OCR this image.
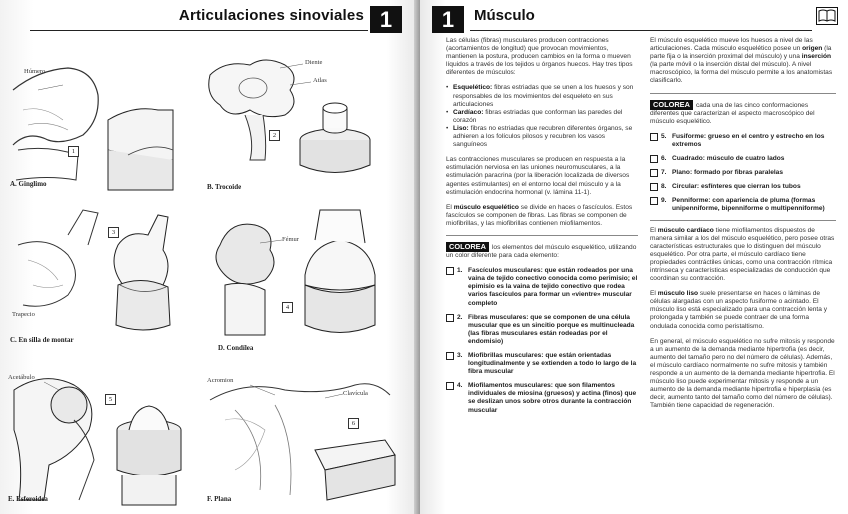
Articulaciones sinoviales 1
Húmero
1
A. Ginglimo
Diente
Atlas
2
B. Trocoide
Trapecio
3
C. En silla de montar
Fémur
4
D. Condílea
Acetábulo
5
E. Esferoidea
Acromion
Clavícula
6
F. Plana
1	Músculo

Las células (fibras) musculares producen contracciones (acortamientos de longitud) que provocan movimientos, mantienen la postura, producen cambios en la forma o mueven líquidos a través de los tejidos u órganos huecos. Hay tres tipos diferentes de músculos:

• Esquelético: fibras estriadas que se unen a los huesos y son responsables de los movimientos del esqueleto en sus articulaciones
• Cardíaco: fibras estriadas que conforman las paredes del corazón
• Liso: fibras no estriadas que recubren diferentes órganos, se adhieren a los folículos pilosos y recubren los vasos sanguíneos

Las contracciones musculares se producen en respuesta a la estimulación nerviosa en las uniones neuromusculares, a la estimulación paracrina (por la liberación localizada de diversos agentes estimulantes) en el entorno local del músculo y a la estimulación endocrina hormonal (v. lámina 11-1).

El músculo esquelético se divide en haces o fascículos. Estos fascículos se componen de fibras. Las fibras se componen de miofibrillas, y las miofibrillas contienen miofilamentos.

COLOREA los elementos del músculo esquelético, utilizando un color diferente para cada elemento:

1. Fascículos musculares: que están rodeados por una vaina de tejido conectivo conocida como perimisio; el epimisio es la vaina de tejido conectivo que rodea varios fascículos para formar un «vientre» muscular completo
2. Fibras musculares: que se componen de una célula muscular que es un sincitio porque es multinucleada (las fibras musculares están rodeadas por el endomisio)
3. Miofibrillas musculares: que están orientadas longitudinalmente y se extienden a todo lo largo de la fibra muscular
4. Miofilamentos musculares: que son filamentos individuales de miosina (gruesos) y actina (finos) que se deslizan unos sobre otros durante la contracción muscular

El músculo esquelético mueve los huesos a nivel de las articulaciones. Cada músculo esquelético posee un origen (la parte fija o la inserción proximal del músculo) y una inserción (la parte móvil o la inserción distal del músculo). A nivel macroscópico, la forma del músculo permite a los anatomistas clasificarlo.

COLOREA cada una de las cinco conformaciones diferentes que caracterizan el aspecto macroscópico del músculo esquelético.

5. Fusiforme: grueso en el centro y estrecho en los extremos
6. Cuadrado: músculo de cuatro lados
7. Plano: formado por fibras paralelas
8. Circular: esfínteres que cierran los tubos
9. Penniforme: con apariencia de pluma (formas unipenniforme, bipenniforme o multipenniforme)

El músculo cardíaco tiene miofilamentos dispuestos de manera similar a los del músculo esquelético, pero posee otras características estructurales que lo distinguen del músculo esquelético. Por otra parte, el músculo cardíaco tiene propiedades contráctiles únicas, como una contracción rítmica intrínseca y características especializadas de conducción que coordinan su contracción.

El músculo liso suele presentarse en haces o láminas de células alargadas con un aspecto fusiforme o acintado. El músculo liso está especializado para una contracción lenta y prolongada y también se puede contraer de una forma ondulada conocida como peristaltismo.

En general, el músculo esquelético no sufre mitosis y responde a un aumento de la demanda mediante hipertrofia (es decir, aumento del tamaño pero no del número de células). Además, el músculo cardíaco normalmente no sufre mitosis y también responde a un aumento de la demanda mediante hipertrofia. El músculo liso puede experimentar mitosis y responde a un aumento de la demanda mediante hipertrofia e hiperplasia (es decir, aumento tanto del tamaño como del número de células). También tiene capacidad de regeneración.
